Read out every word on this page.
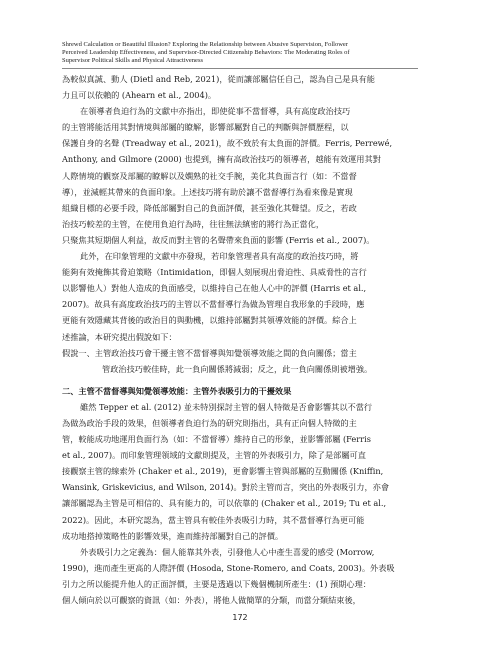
Shrewd Calculation or Beautiful Illusion? Exploring the Relationship between Abusive Supervision, Follower
Perceived Leadership Effectiveness, and Supervisor-Directed Citizenship Behaviors: The Moderating Roles of
Supervisor Political Skills and Physical Attractiveness
為較似真誠、動人 (Dietl and Reb, 2021)，從而讓部屬信任自己，認為自己是具有能
力且可以依賴的 (Ahearn et al., 2004)。
在領導者負迫行為的文獻中亦指出，即使從事不當督導，具有高度政治技巧
的主管將能活用其對情境與部屬的瞭解，影響部屬對自己的判斷與評價歷程，以
保護自身的名聲 (Treadway et al., 2021)，故不致於有太負面的評價。Ferris, Perrewé,
Anthony, and Gilmore (2000) 也提到，擁有高政治技巧的領導者，越能有效運用其對
人際情境的觀察及部屬的瞭解以及嫻熟的社交手腕，美化其負面言行（如：不當督
導），並減輕其帶來的負面印象。上述技巧將有助於讓不當督導行為看來像是實現
組織目標的必要手段，降低部屬對自己的負面評價，甚至強化其聲望。反之，若政
治技巧較差的主管，在使用負迫行為時，往往無法縝密的將行為正當化，
只聚焦其短期個人利益，故反而對主管的名聲帶來負面的影響 (Ferris et al., 2007)。
此外，在印象管理的文獻中亦發現，若印象管理者具有高度的政治技巧時，將
能夠有效掩飾其脅迫策略（Intimidation，即個人刻展現出脅迫性、具威脅性的言行
以影響他人）對他人造成的負面感受，以維持自己在他人心中的評價 (Harris et al.,
2007)。故具有高度政治技巧的主管以不當督導行為做為管理自我形象的手段時，應
更能有效隱藏其背後的政治目的與動機，以維持部屬對其領導效能的評價。綜合上
述推論，本研究提出假說如下：
假說一、主管政治技巧會干擾主管不當督導與知覺領導效能之間的負向關係；當主
管政治技巧較佳時，此一負向關係將減弱；反之，此一負向關係則被增強。
二、主管不當督導與知覺領導效能：主管外表吸引力的干擾效果
雖然 Tepper et al. (2012) 並未特別探討主管的個人特徵是否會影響其以不當行
為做為政治手段的效果，但領導者負迫行為的研究則指出，具有正向個人特徵的主
管，較能成功地運用負面行為（如：不當督導）維持自己的形象，並影響部屬 (Ferris
et al., 2007)。而印象管理領域的文獻則提及，主管的外表吸引力，除了是部屬可直
接觀察主管的線索外 (Chaker et al., 2019)，更會影響主管與部屬的互動關係 (Kniffin,
Wansink, Griskevicius, and Wilson, 2014)。對於主管而言，突出的外表吸引力，亦會
讓部屬認為主管是可相信的、具有能力的，可以依靠的 (Chaker et al., 2019; Tu et al.,
2022)。因此，本研究認為，當主管具有較佳外表吸引力時，其不當督導行為更可能
成功地搭掉策略性的影響效果，進而維持部屬對自己的評價。
外表吸引力之定義為：個人能靠其外表，引發他人心中產生喜愛的感受 (Morrow,
1990)，進而產生更高的人際評價 (Hosoda, Stone-Romero, and Coats, 2003)。外表吸
引力之所以能提升他人的正面評價，主要是透過以下幾個機制所產生：(1) 預期心理：
個人傾向於以可觀察的資訊（如：外表），將他人做簡單的分類，而當分類結束後，
172
